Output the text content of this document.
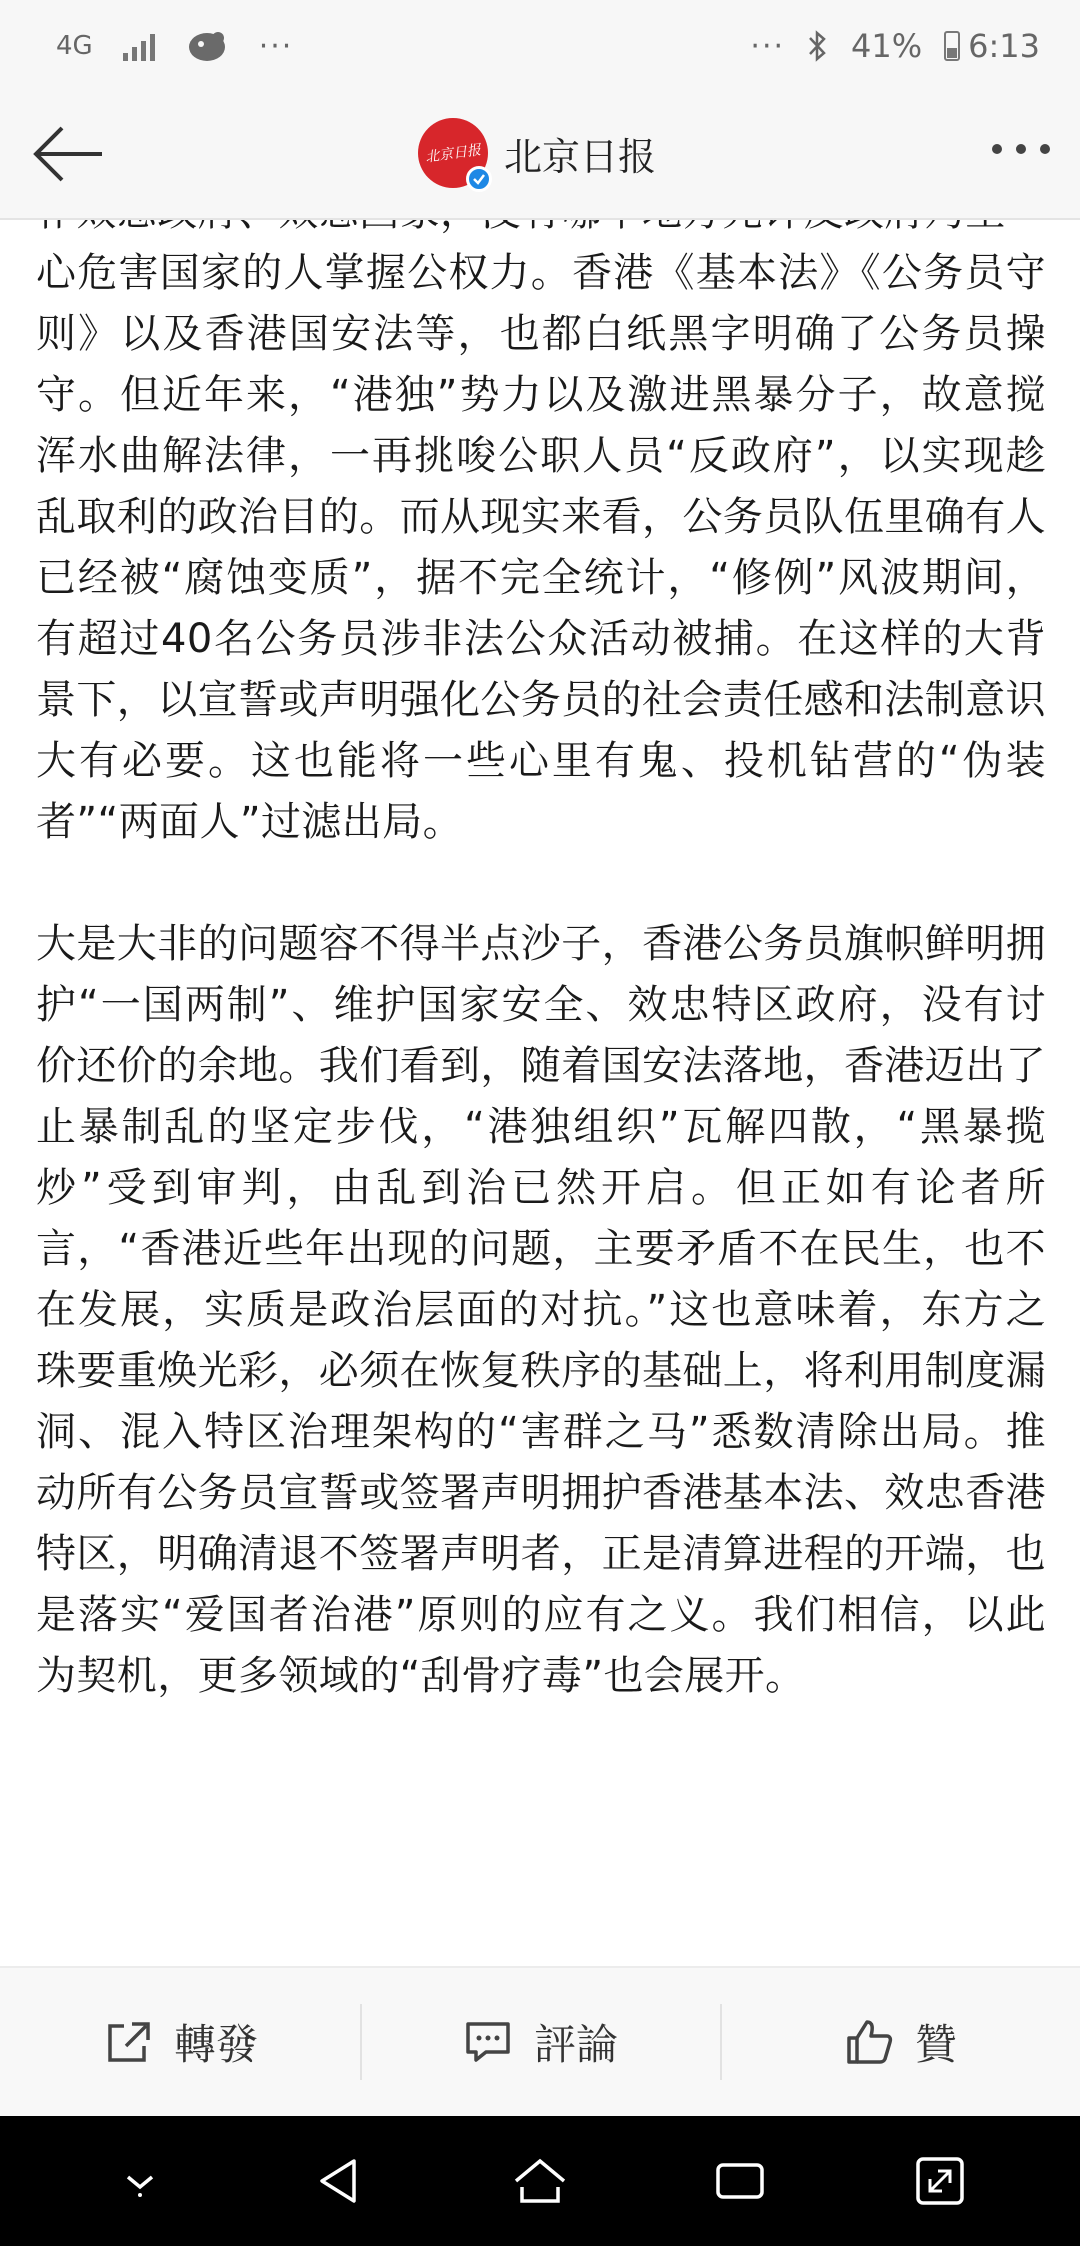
心危害国家的人掌握公权力。香港《基本法》《公务员守则》以及香港国安法等，也都白纸黑字明确了公务员操守。但近年来，“港独”势力以及激进黑暴分子，故意搅浑水曲解法律，一再挑唆公职人员“反政府”，以实现趁乱取利的政治目的。而从现实来看，公务员队伍里确有人已经被“腐蚀变质”，据不完全统计，“修例”风波期间，有超过40名公务员涉非法公众活动被捕。在这样的大背景下，以宣誓或声明强化公务员的社会责任感和法制意识大有必要。这也能将一些心里有鬼、投机钻营的“伪装者”“两面人”过滤出局。

大是大非的问题容不得半点沙子，香港公务员旗帜鲜明拥护“一国两制”、维护国家安全、效忠特区政府，没有讨价还价的余地。我们看到，随着国安法落地，香港迈出了止暴制乱的坚定步伐，“港独组织”瓦解四散，“黑暴揽炒”受到审判，由乱到治已然开启。但正如有论者所言，“香港近些年出现的问题，主要矛盾不在民生，也不在发展，实质是政治层面的对抗。”这也意味着，东方之珠要重焕光彩，必须在恢复秩序的基础上，将利用制度漏洞、混入特区治理架构的“害群之马”悉数清除出局。推动所有公务员宣誓或签署声明拥护香港基本法、效忠香港特区，明确清退不签署声明者，正是清算进程的开端，也是落实“爱国者治港”原则的应有之义。我们相信，以此为契机，更多领域的“刮骨疗毒”也会展开。

4G	···	··· 41% 6:13
北京日报 北京日报
轉發	評論	贊
